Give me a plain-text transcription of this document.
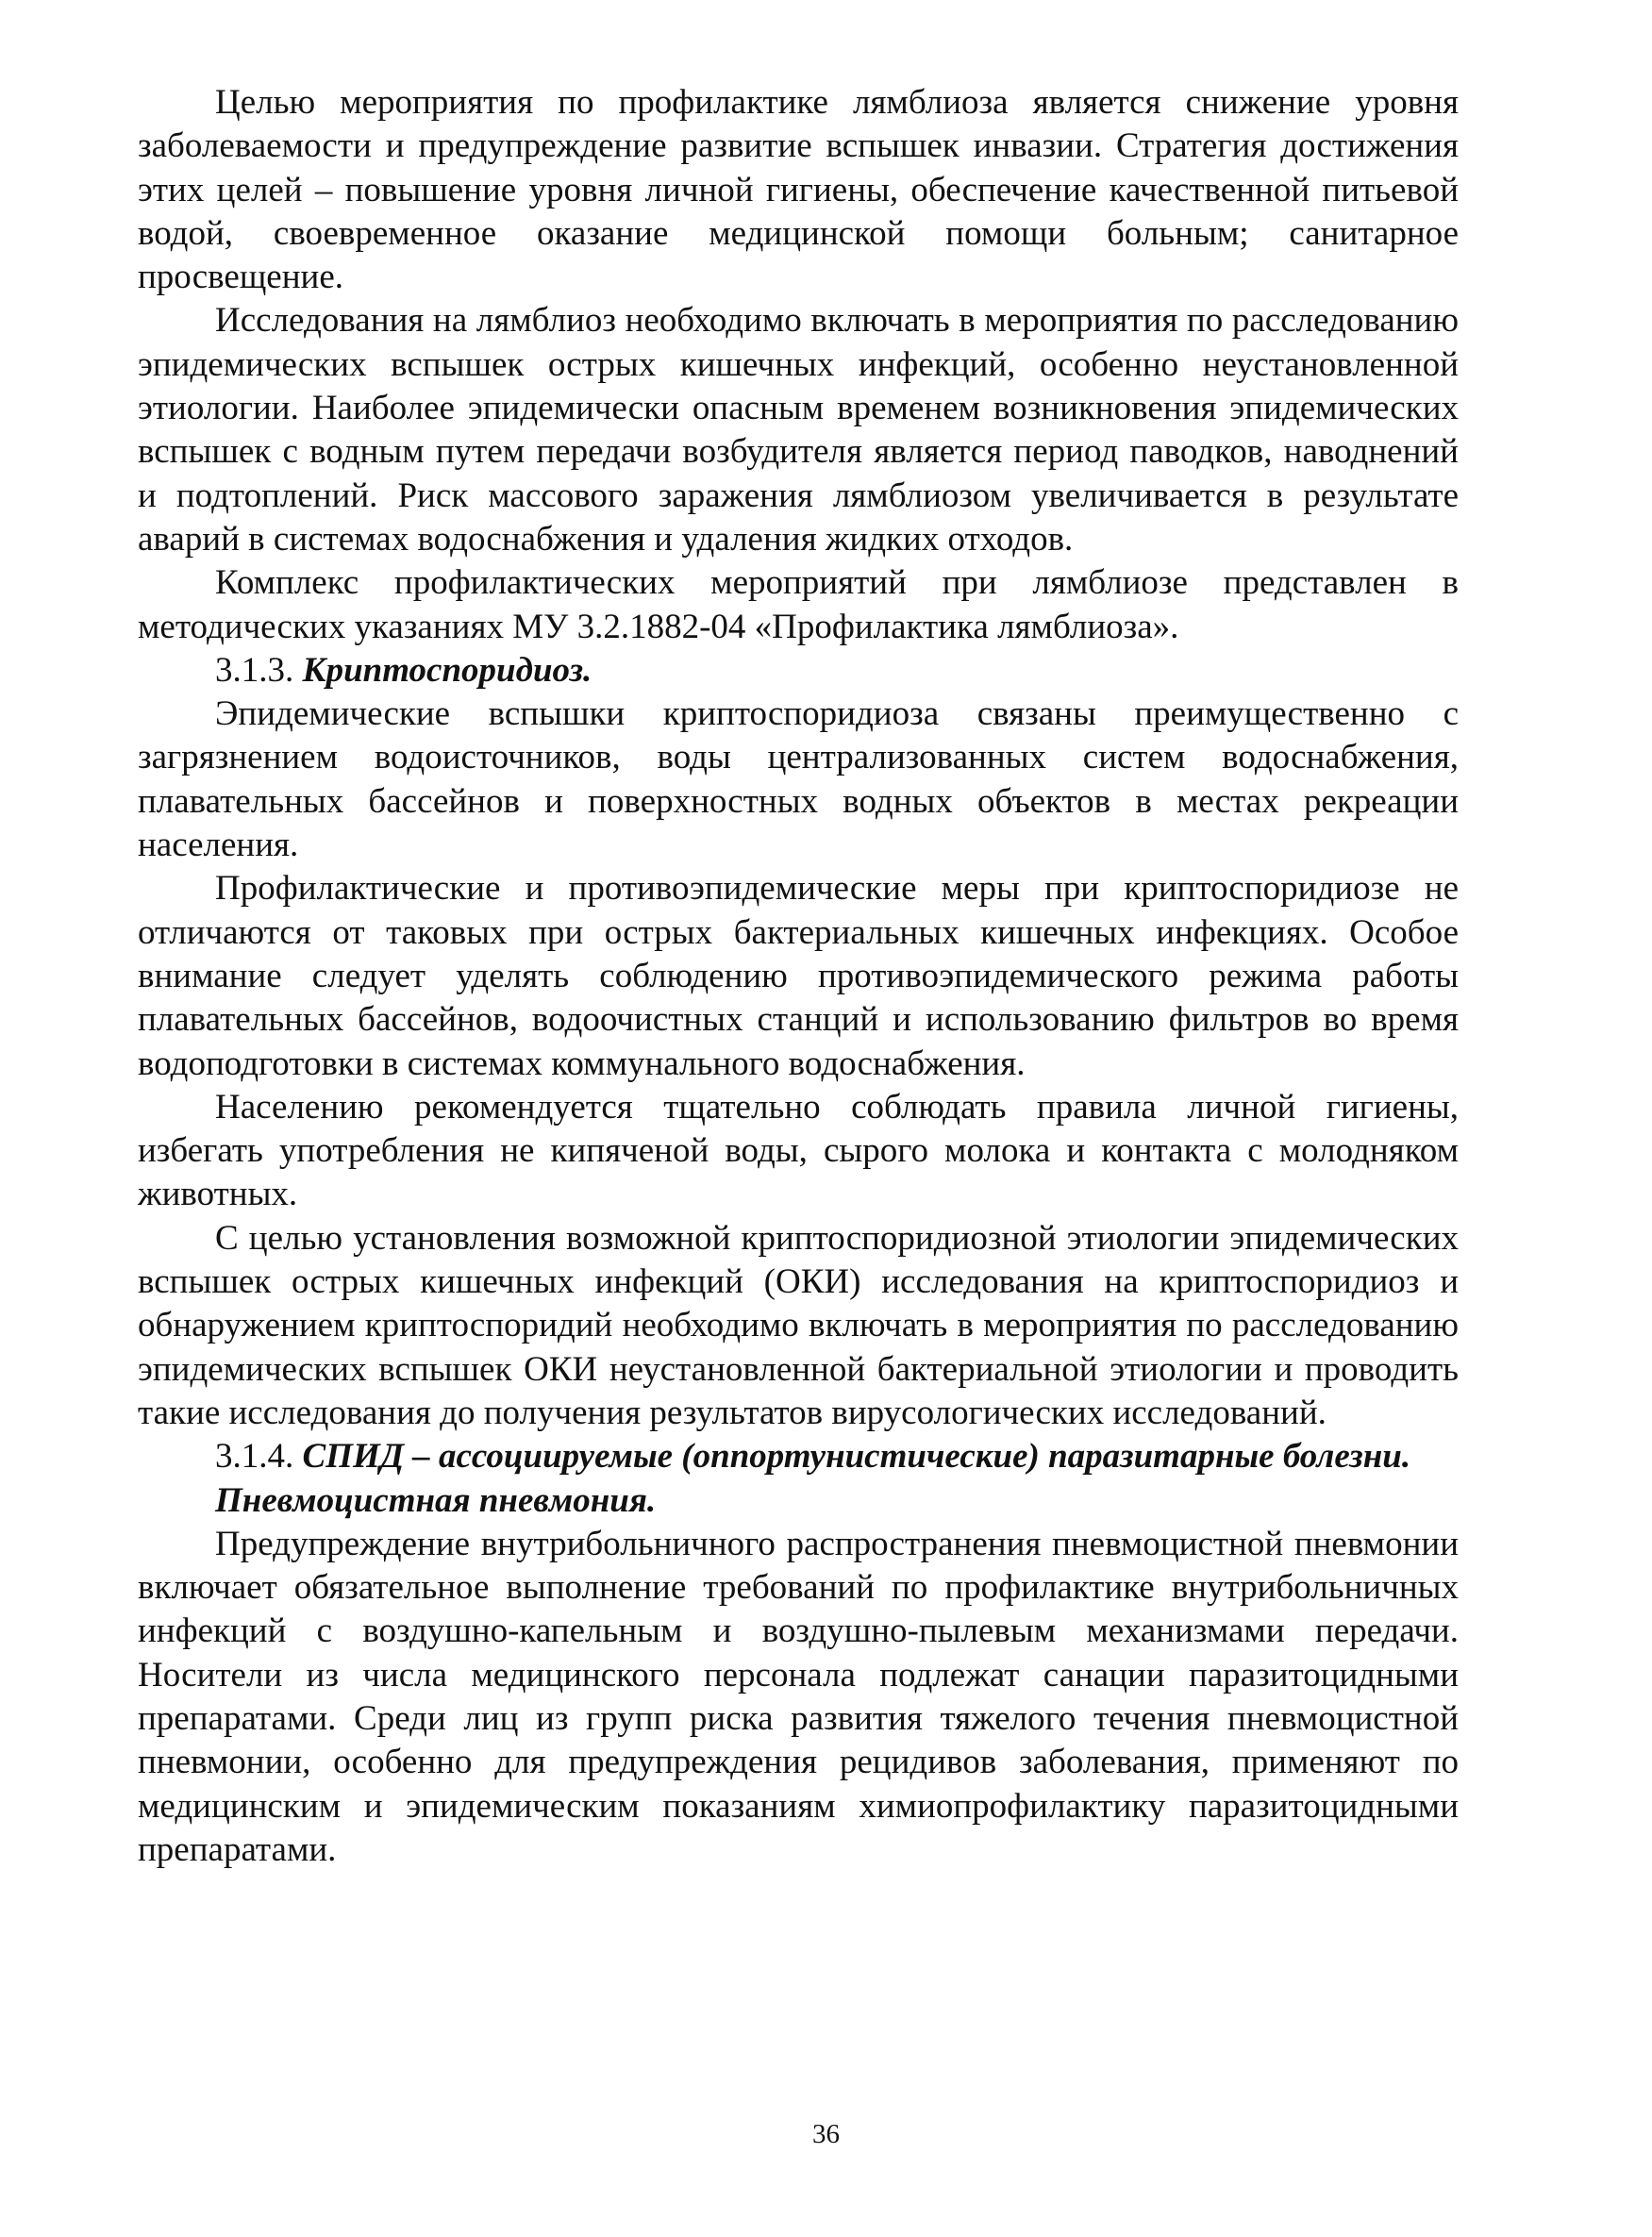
Целью мероприятия по профилактике лямблиоза является снижение уровня заболеваемости и предупреждение развитие вспышек инвазии. Стратегия достижения этих целей – повышение уровня личной гигиены, обеспечение качественной питьевой водой, своевременное оказание медицинской помощи больным; санитарное просвещение.

Исследования на лямблиоз необходимо включать в мероприятия по расследованию эпидемических вспышек острых кишечных инфекций, особенно неустановленной этиологии. Наиболее эпидемически опасным временем возникновения эпидемических вспышек с водным путем передачи возбудителя является период паводков, наводнений и подтоплений. Риск массового заражения лямблиозом увеличивается в результате аварий в системах водоснабжения и удаления жидких отходов.

Комплекс профилактических мероприятий при лямблиозе представлен в методических указаниях МУ 3.2.1882-04 «Профилактика лямблиоза».

3.1.3. Криптоспоридиоз.

Эпидемические вспышки криптоспоридиоза связаны преимущественно с загрязнением водоисточников, воды централизованных систем водоснабжения, плавательных бассейнов и поверхностных водных объектов в местах рекреации населения.

Профилактические и противоэпидемические меры при криптоспоридиозе не отличаются от таковых при острых бактериальных кишечных инфекциях. Особое внимание следует уделять соблюдению противоэпидемического режима работы плавательных бассейнов, водоочистных станций и использованию фильтров во время водоподготовки в системах коммунального водоснабжения.

Населению рекомендуется тщательно соблюдать правила личной гигиены, избегать употребления не кипяченой воды, сырого молока и контакта с молодняком животных.

С целью установления возможной криптоспоридиозной этиологии эпидемических вспышек острых кишечных инфекций (ОКИ) исследования на криптоспоридиоз и обнаружением криптоспоридий необходимо включать в мероприятия по расследованию эпидемических вспышек ОКИ неустановленной бактериальной этиологии и проводить такие исследования до получения результатов вирусологических исследований.

3.1.4. СПИД – ассоциируемые (оппортунистические) паразитарные болезни.

Пневмоцистная пневмония.

Предупреждение внутрибольничного распространения пневмоцистной пневмонии включает обязательное выполнение требований по профилактике внутрибольничных инфекций с воздушно-капельным и воздушно-пылевым механизмами передачи. Носители из числа медицинского персонала подлежат санации паразитоцидными препаратами. Среди лиц из групп риска развития тяжелого течения пневмоцистной пневмонии, особенно для предупреждения рецидивов заболевания, применяют по медицинским и эпидемическим показаниям химиопрофилактику паразитоцидными препаратами.

36
